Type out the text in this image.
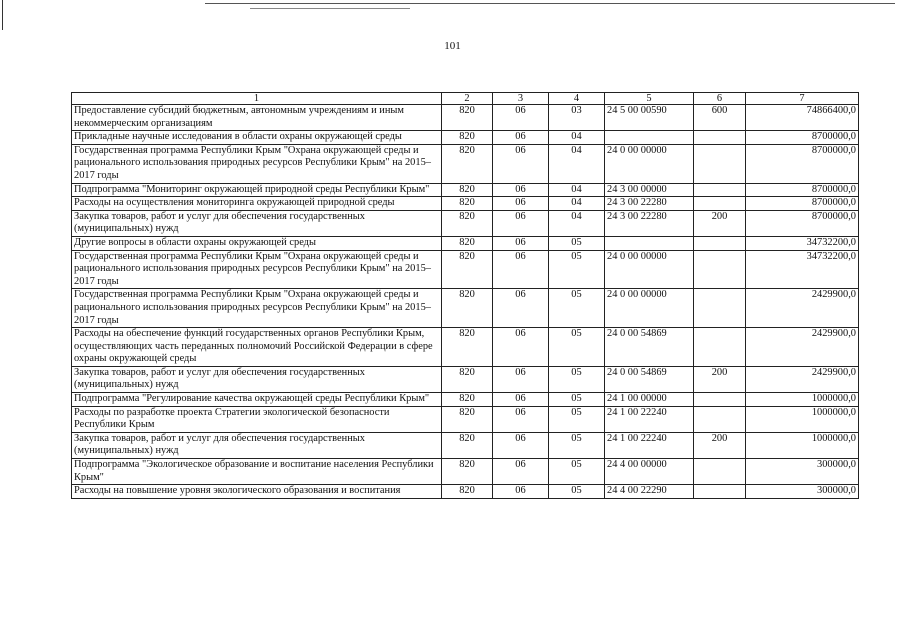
101
1	2	3	4	5	6	7
Предоставление субсидий бюджетным, автономным учреждениям и иным некоммерческим организациям	820	06	03	24 5 00 00590	600	74866400,0
Прикладные научные исследования в области охраны окружающей среды	820	06	04			8700000,0
Государственная программа Республики Крым "Охрана окружающей среды и рационального использования природных ресурсов Республики Крым" на 2015–2017 годы	820	06	04	24 0 00 00000		8700000,0
Подпрограмма "Мониторинг окружающей природной среды Республики Крым"	820	06	04	24 3 00 00000		8700000,0
Расходы на осуществления мониторинга окружающей природной среды	820	06	04	24 3 00 22280		8700000,0
Закупка товаров, работ и услуг для обеспечения государственных (муниципальных) нужд	820	06	04	24 3 00 22280	200	8700000,0
Другие вопросы в области охраны окружающей среды	820	06	05			34732200,0
Государственная программа Республики Крым "Охрана окружающей среды и рационального использования природных ресурсов Республики Крым" на 2015–2017 годы	820	06	05	24 0 00 00000		34732200,0
Государственная программа Республики Крым "Охрана окружающей среды и рационального использования природных ресурсов Республики Крым" на 2015–2017 годы	820	06	05	24 0 00 00000		2429900,0
Расходы на обеспечение функций государственных органов Республики Крым, осуществляющих часть переданных полномочий Российской Федерации в сфере охраны окружающей среды	820	06	05	24 0 00 54869		2429900,0
Закупка товаров, работ и услуг для обеспечения государственных (муниципальных) нужд	820	06	05	24 0 00 54869	200	2429900,0
Подпрограмма "Регулирование качества окружающей среды Республики Крым"	820	06	05	24 1 00 00000		1000000,0
Расходы по разработке проекта Стратегии экологической безопасности Республики Крым	820	06	05	24 1 00 22240		1000000,0
Закупка товаров, работ и услуг для обеспечения государственных (муниципальных) нужд	820	06	05	24 1 00 22240	200	1000000,0
Подпрограмма "Экологическое образование и воспитание населения Республики Крым"	820	06	05	24 4 00 00000		300000,0
Расходы на повышение уровня экологического образования и воспитания	820	06	05	24 4 00 22290		300000,0
